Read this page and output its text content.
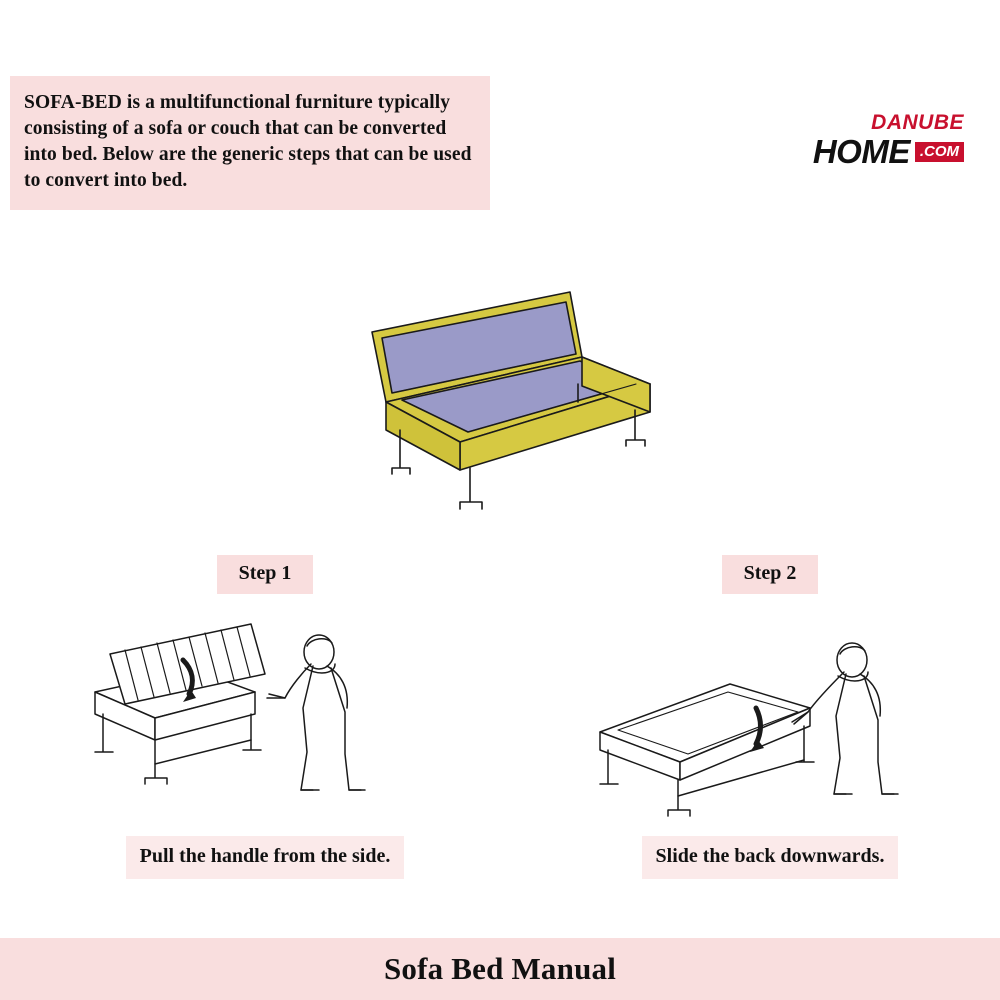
SOFA-BED is a multifunctional furniture typically consisting of a sofa or couch that can be converted into bed. Below are the generic steps that can be used to convert into bed.

DANUBE
HOME .COM
Step 1
Pull the handle from the side.
Step 2
Slide the back downwards.
Sofa Bed Manual
